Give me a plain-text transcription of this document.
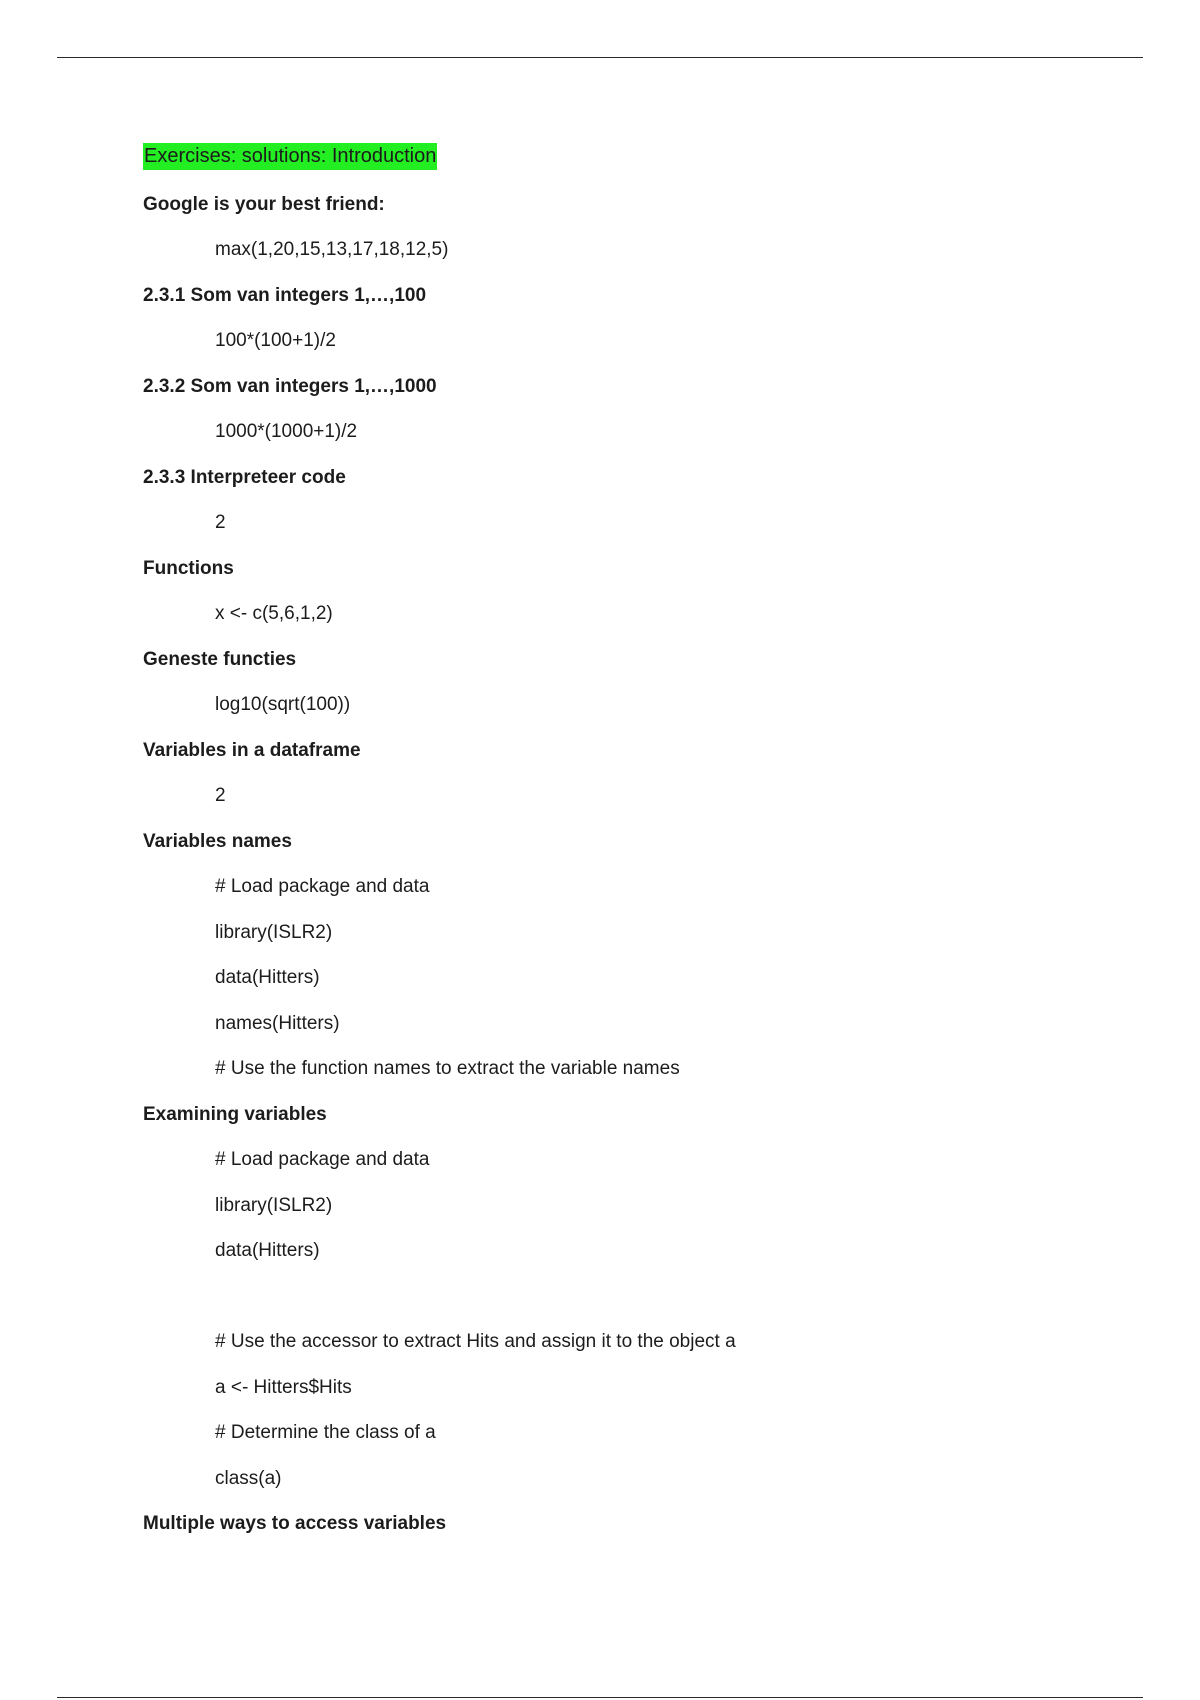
Exercises: solutions: Introduction
Google is your best friend:
max(1,20,15,13,17,18,12,5)
2.3.1 Som van integers 1,…,100
100*(100+1)/2
2.3.2 Som van integers 1,…,1000
1000*(1000+1)/2
2.3.3 Interpreteer code
2
Functions
x <- c(5,6,1,2)
Geneste functies
log10(sqrt(100))
Variables in a dataframe
2
Variables names
# Load package and data
library(ISLR2)
data(Hitters)
names(Hitters)
# Use the function names to extract the variable names
Examining variables
# Load package and data
library(ISLR2)
data(Hitters)
# Use the accessor to extract Hits and assign it to the object a
a <- Hitters$Hits
# Determine the class of a
class(a)
Multiple ways to access variables
